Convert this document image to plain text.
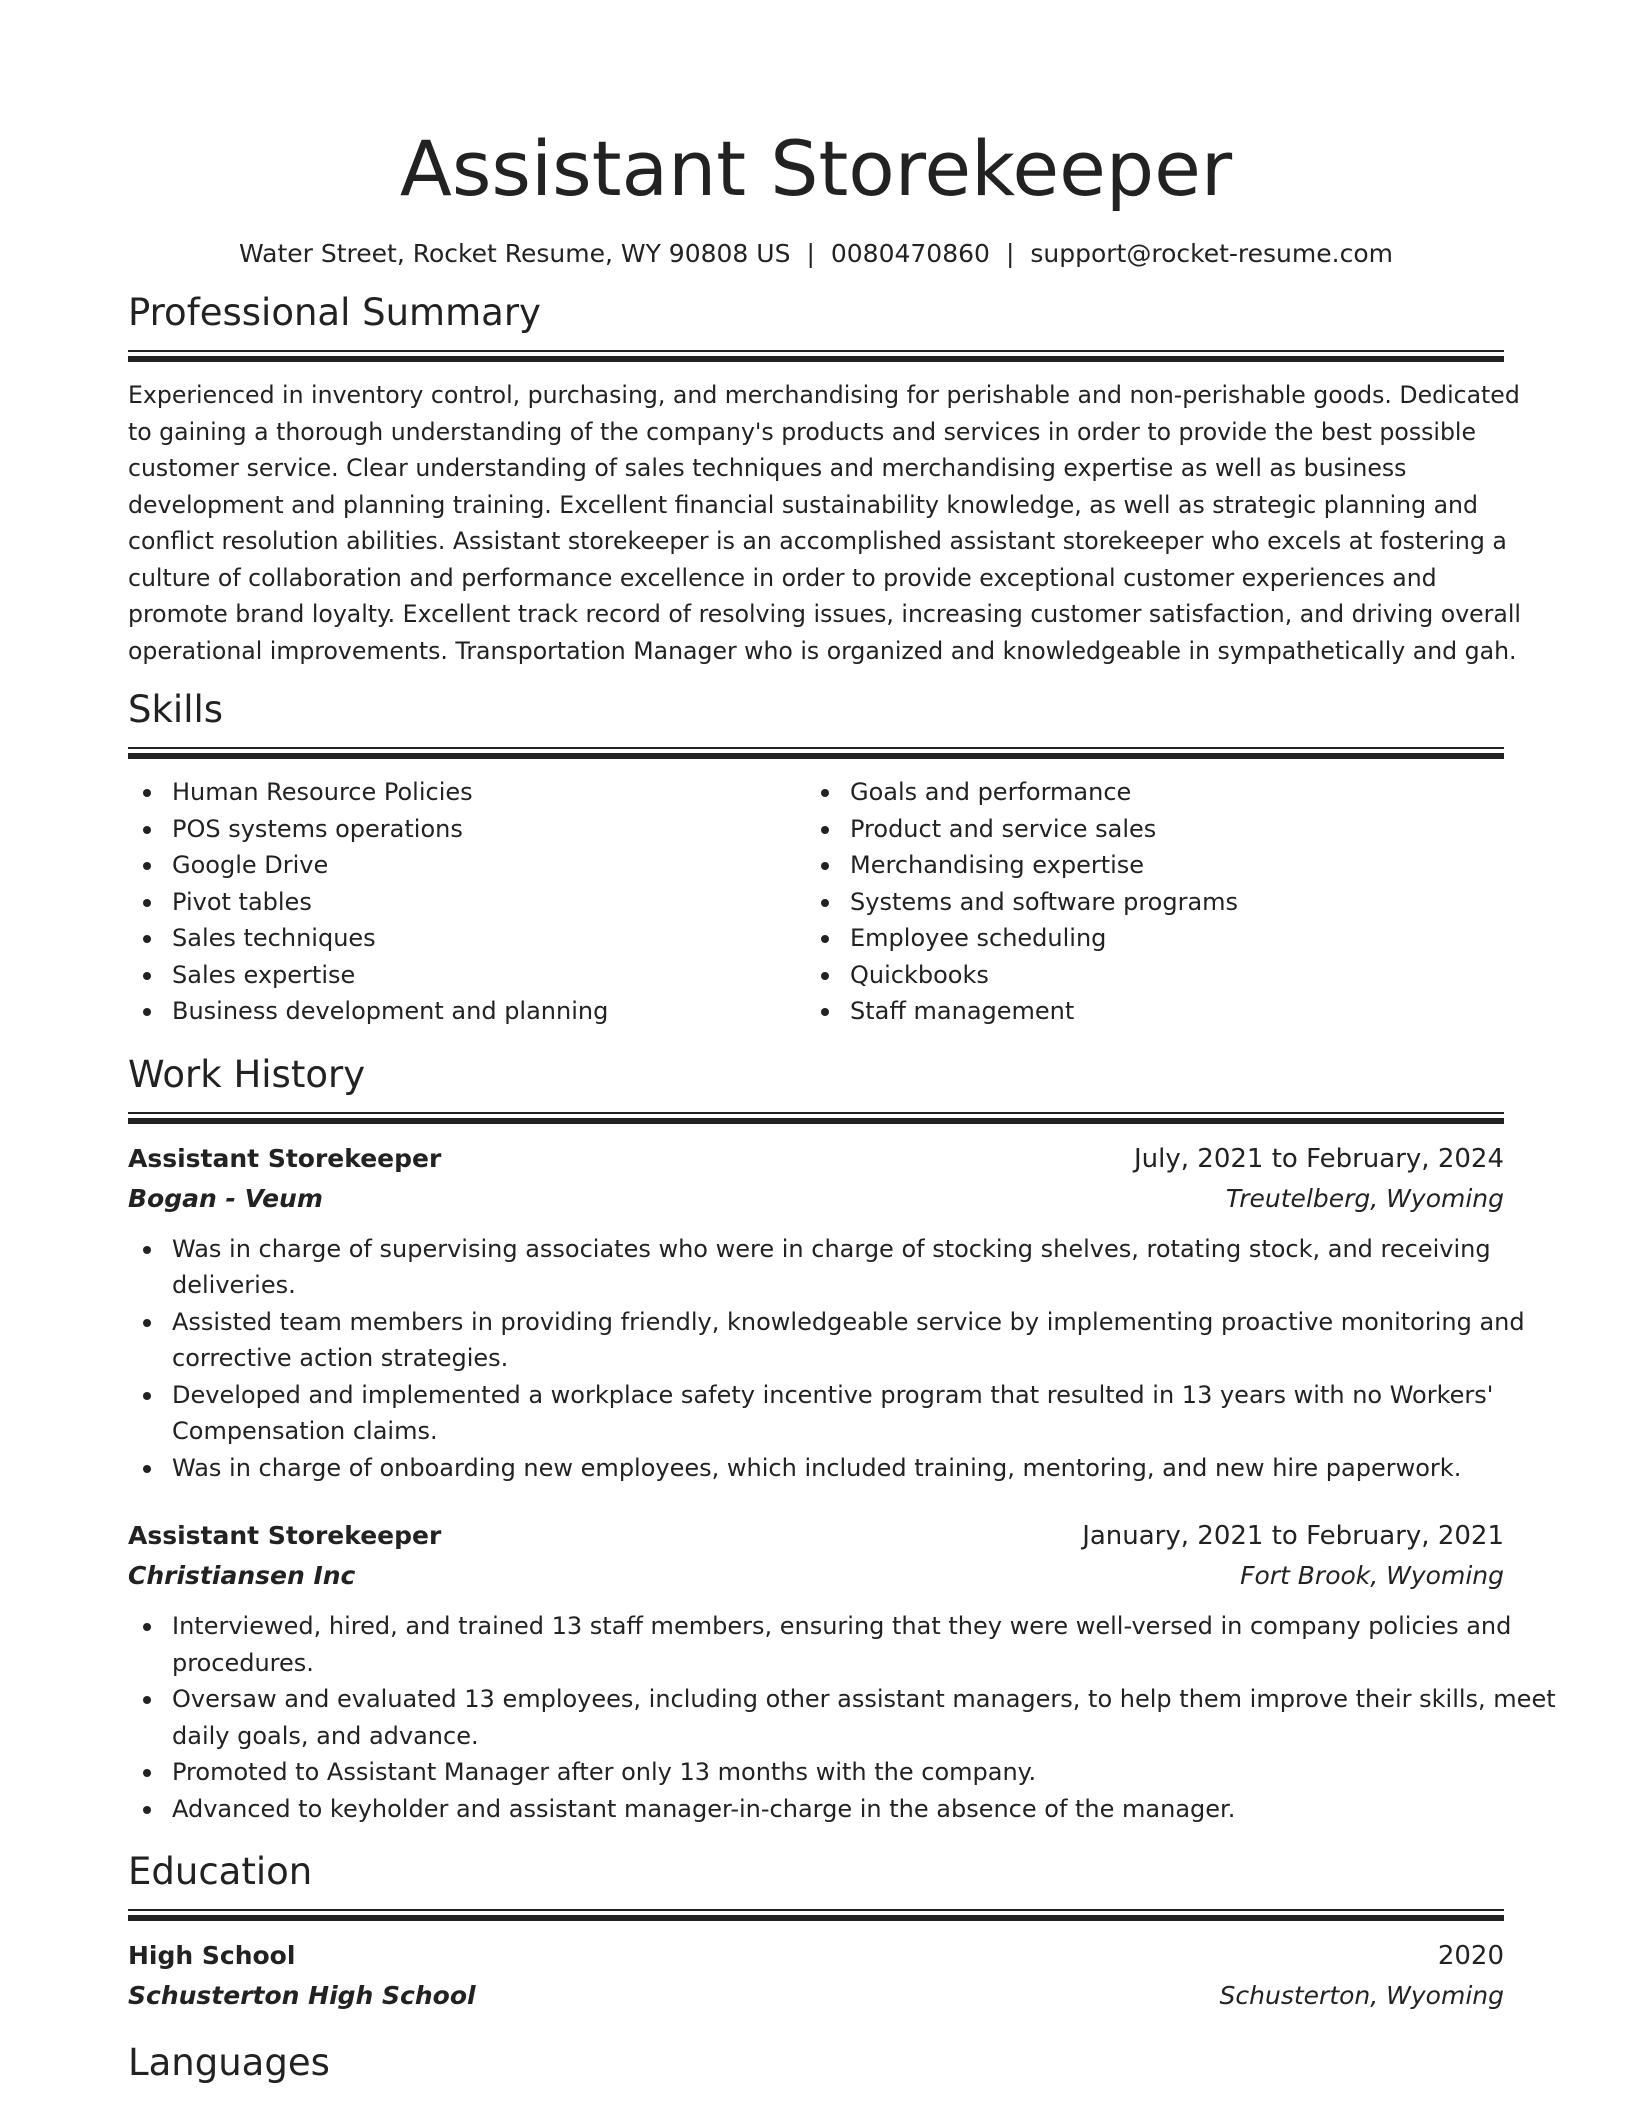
Assistant Storekeeper
Water Street, Rocket Resume, WY 90808 US | 0080470860 | support@rocket-resume.com
Professional Summary
Experienced in inventory control, purchasing, and merchandising for perishable and non-perishable goods. Dedicated
to gaining a thorough understanding of the company's products and services in order to provide the best possible
customer service. Clear understanding of sales techniques and merchandising expertise as well as business
development and planning training. Excellent financial sustainability knowledge, as well as strategic planning and
conflict resolution abilities. Assistant storekeeper is an accomplished assistant storekeeper who excels at fostering a
culture of collaboration and performance excellence in order to provide exceptional customer experiences and
promote brand loyalty. Excellent track record of resolving issues, increasing customer satisfaction, and driving overall
operational improvements. Transportation Manager who is organized and knowledgeable in sympathetically and gah.
Skills
Human Resource Policies
POS systems operations
Google Drive
Pivot tables
Sales techniques
Sales expertise
Business development and planning
Goals and performance
Product and service sales
Merchandising expertise
Systems and software programs
Employee scheduling
Quickbooks
Staff management
Work History
Assistant Storekeeper	July, 2021 to February, 2024
Bogan - Veum	Treutelberg, Wyoming
Was in charge of supervising associates who were in charge of stocking shelves, rotating stock, and receiving
deliveries.
Assisted team members in providing friendly, knowledgeable service by implementing proactive monitoring and
corrective action strategies.
Developed and implemented a workplace safety incentive program that resulted in 13 years with no Workers'
Compensation claims.
Was in charge of onboarding new employees, which included training, mentoring, and new hire paperwork.
Assistant Storekeeper	January, 2021 to February, 2021
Christiansen Inc	Fort Brook, Wyoming
Interviewed, hired, and trained 13 staff members, ensuring that they were well-versed in company policies and
procedures.
Oversaw and evaluated 13 employees, including other assistant managers, to help them improve their skills, meet
daily goals, and advance.
Promoted to Assistant Manager after only 13 months with the company.
Advanced to keyholder and assistant manager-in-charge in the absence of the manager.
Education
High School	2020
Schusterton High School	Schusterton, Wyoming
Languages
